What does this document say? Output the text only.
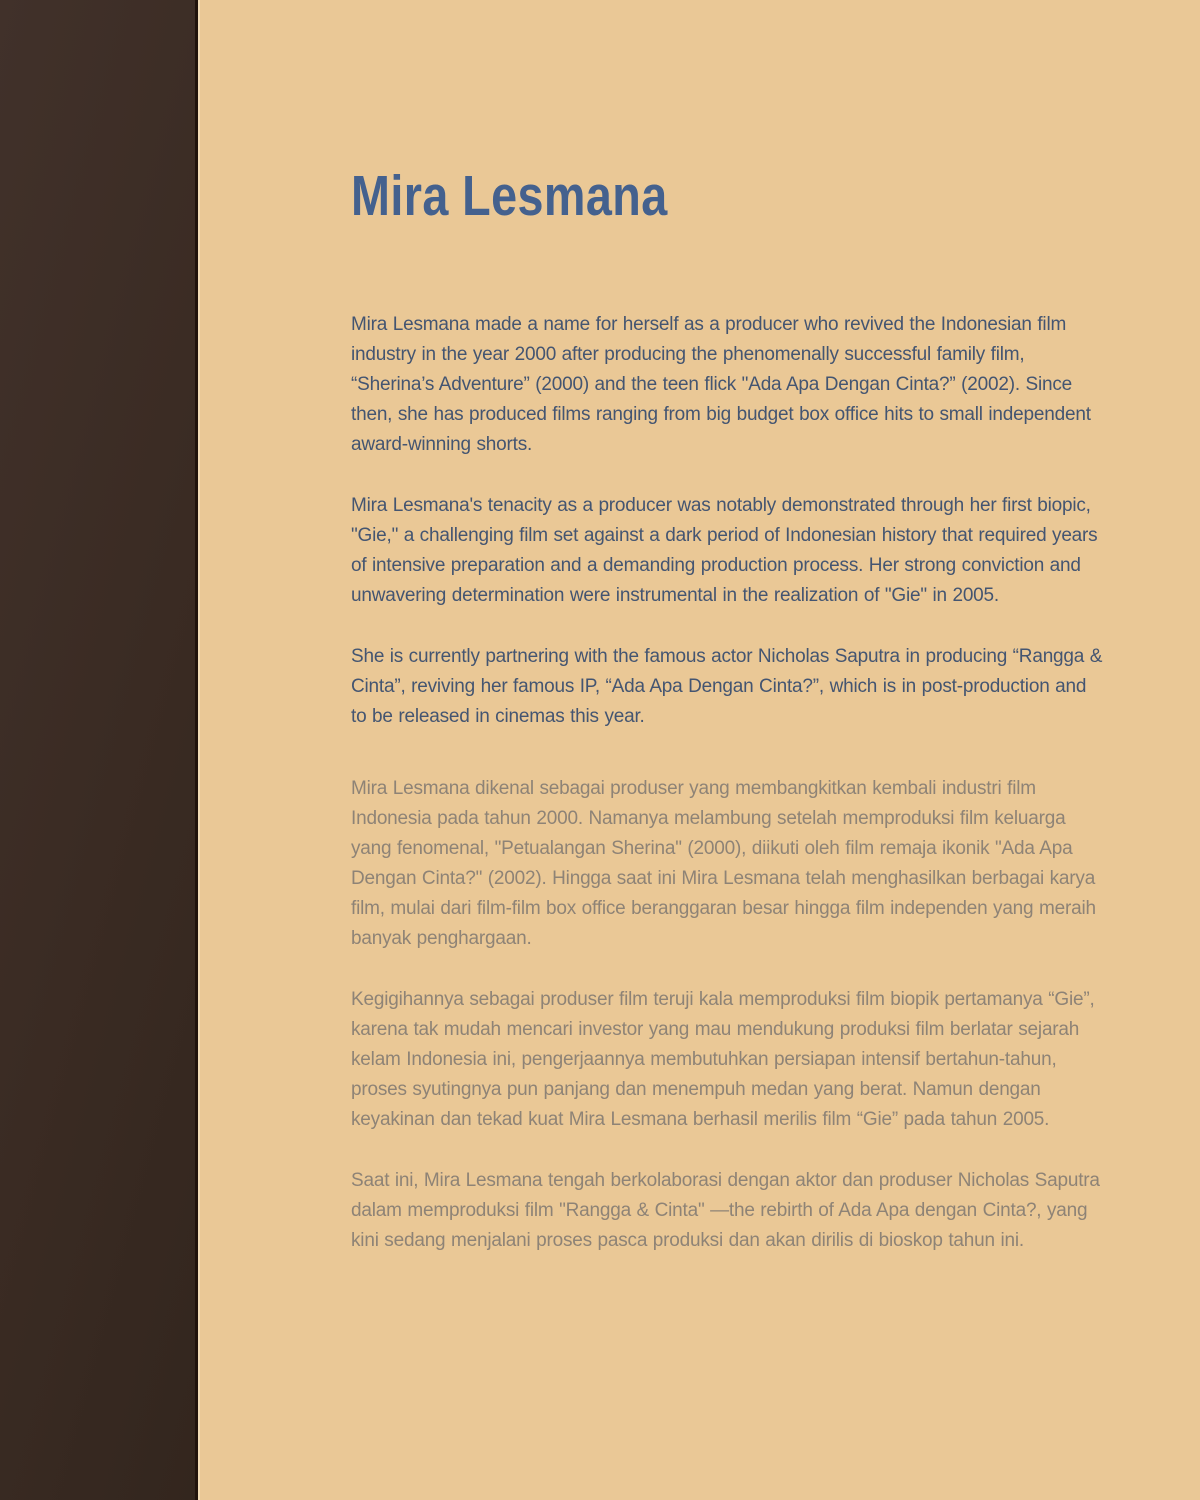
Mira Lesmana

Mira Lesmana made a name for herself as a producer who revived the Indonesian film industry in the year 2000 after producing the phenomenally successful family film, “Sherina’s Adventure” (2000) and the teen flick "Ada Apa Dengan Cinta?” (2002). Since then, she has produced films ranging from big budget box office hits to small independent award-winning shorts.

Mira Lesmana's tenacity as a producer was notably demonstrated through her first biopic, "Gie," a challenging film set against a dark period of Indonesian history that required years of intensive preparation and a demanding production process. Her strong conviction and unwavering determination were instrumental in the realization of "Gie" in 2005.

She is currently partnering with the famous actor Nicholas Saputra in producing “Rangga & Cinta”, reviving her famous IP, “Ada Apa Dengan Cinta?”, which is in post-production and to be released in cinemas this year.

Mira Lesmana dikenal sebagai produser yang membangkitkan kembali industri film Indonesia pada tahun 2000. Namanya melambung setelah memproduksi film keluarga yang fenomenal, "Petualangan Sherina" (2000), diikuti oleh film remaja ikonik "Ada Apa Dengan Cinta?" (2002). Hingga saat ini Mira Lesmana telah menghasilkan berbagai karya film, mulai dari film-film box office beranggaran besar hingga film independen yang meraih banyak penghargaan.

Kegigihannya sebagai produser film teruji kala memproduksi film biopik pertamanya “Gie”, karena tak mudah mencari investor yang mau mendukung produksi film berlatar sejarah kelam Indonesia ini, pengerjaannya membutuhkan persiapan intensif bertahun-tahun, proses syutingnya pun panjang dan menempuh medan yang berat. Namun dengan keyakinan dan tekad kuat Mira Lesmana berhasil merilis film “Gie” pada tahun 2005.

Saat ini, Mira Lesmana tengah berkolaborasi dengan aktor dan produser Nicholas Saputra dalam memproduksi film "Rangga & Cinta" —the rebirth of Ada Apa dengan Cinta?, yang kini sedang menjalani proses pasca produksi dan akan dirilis di bioskop tahun ini.
